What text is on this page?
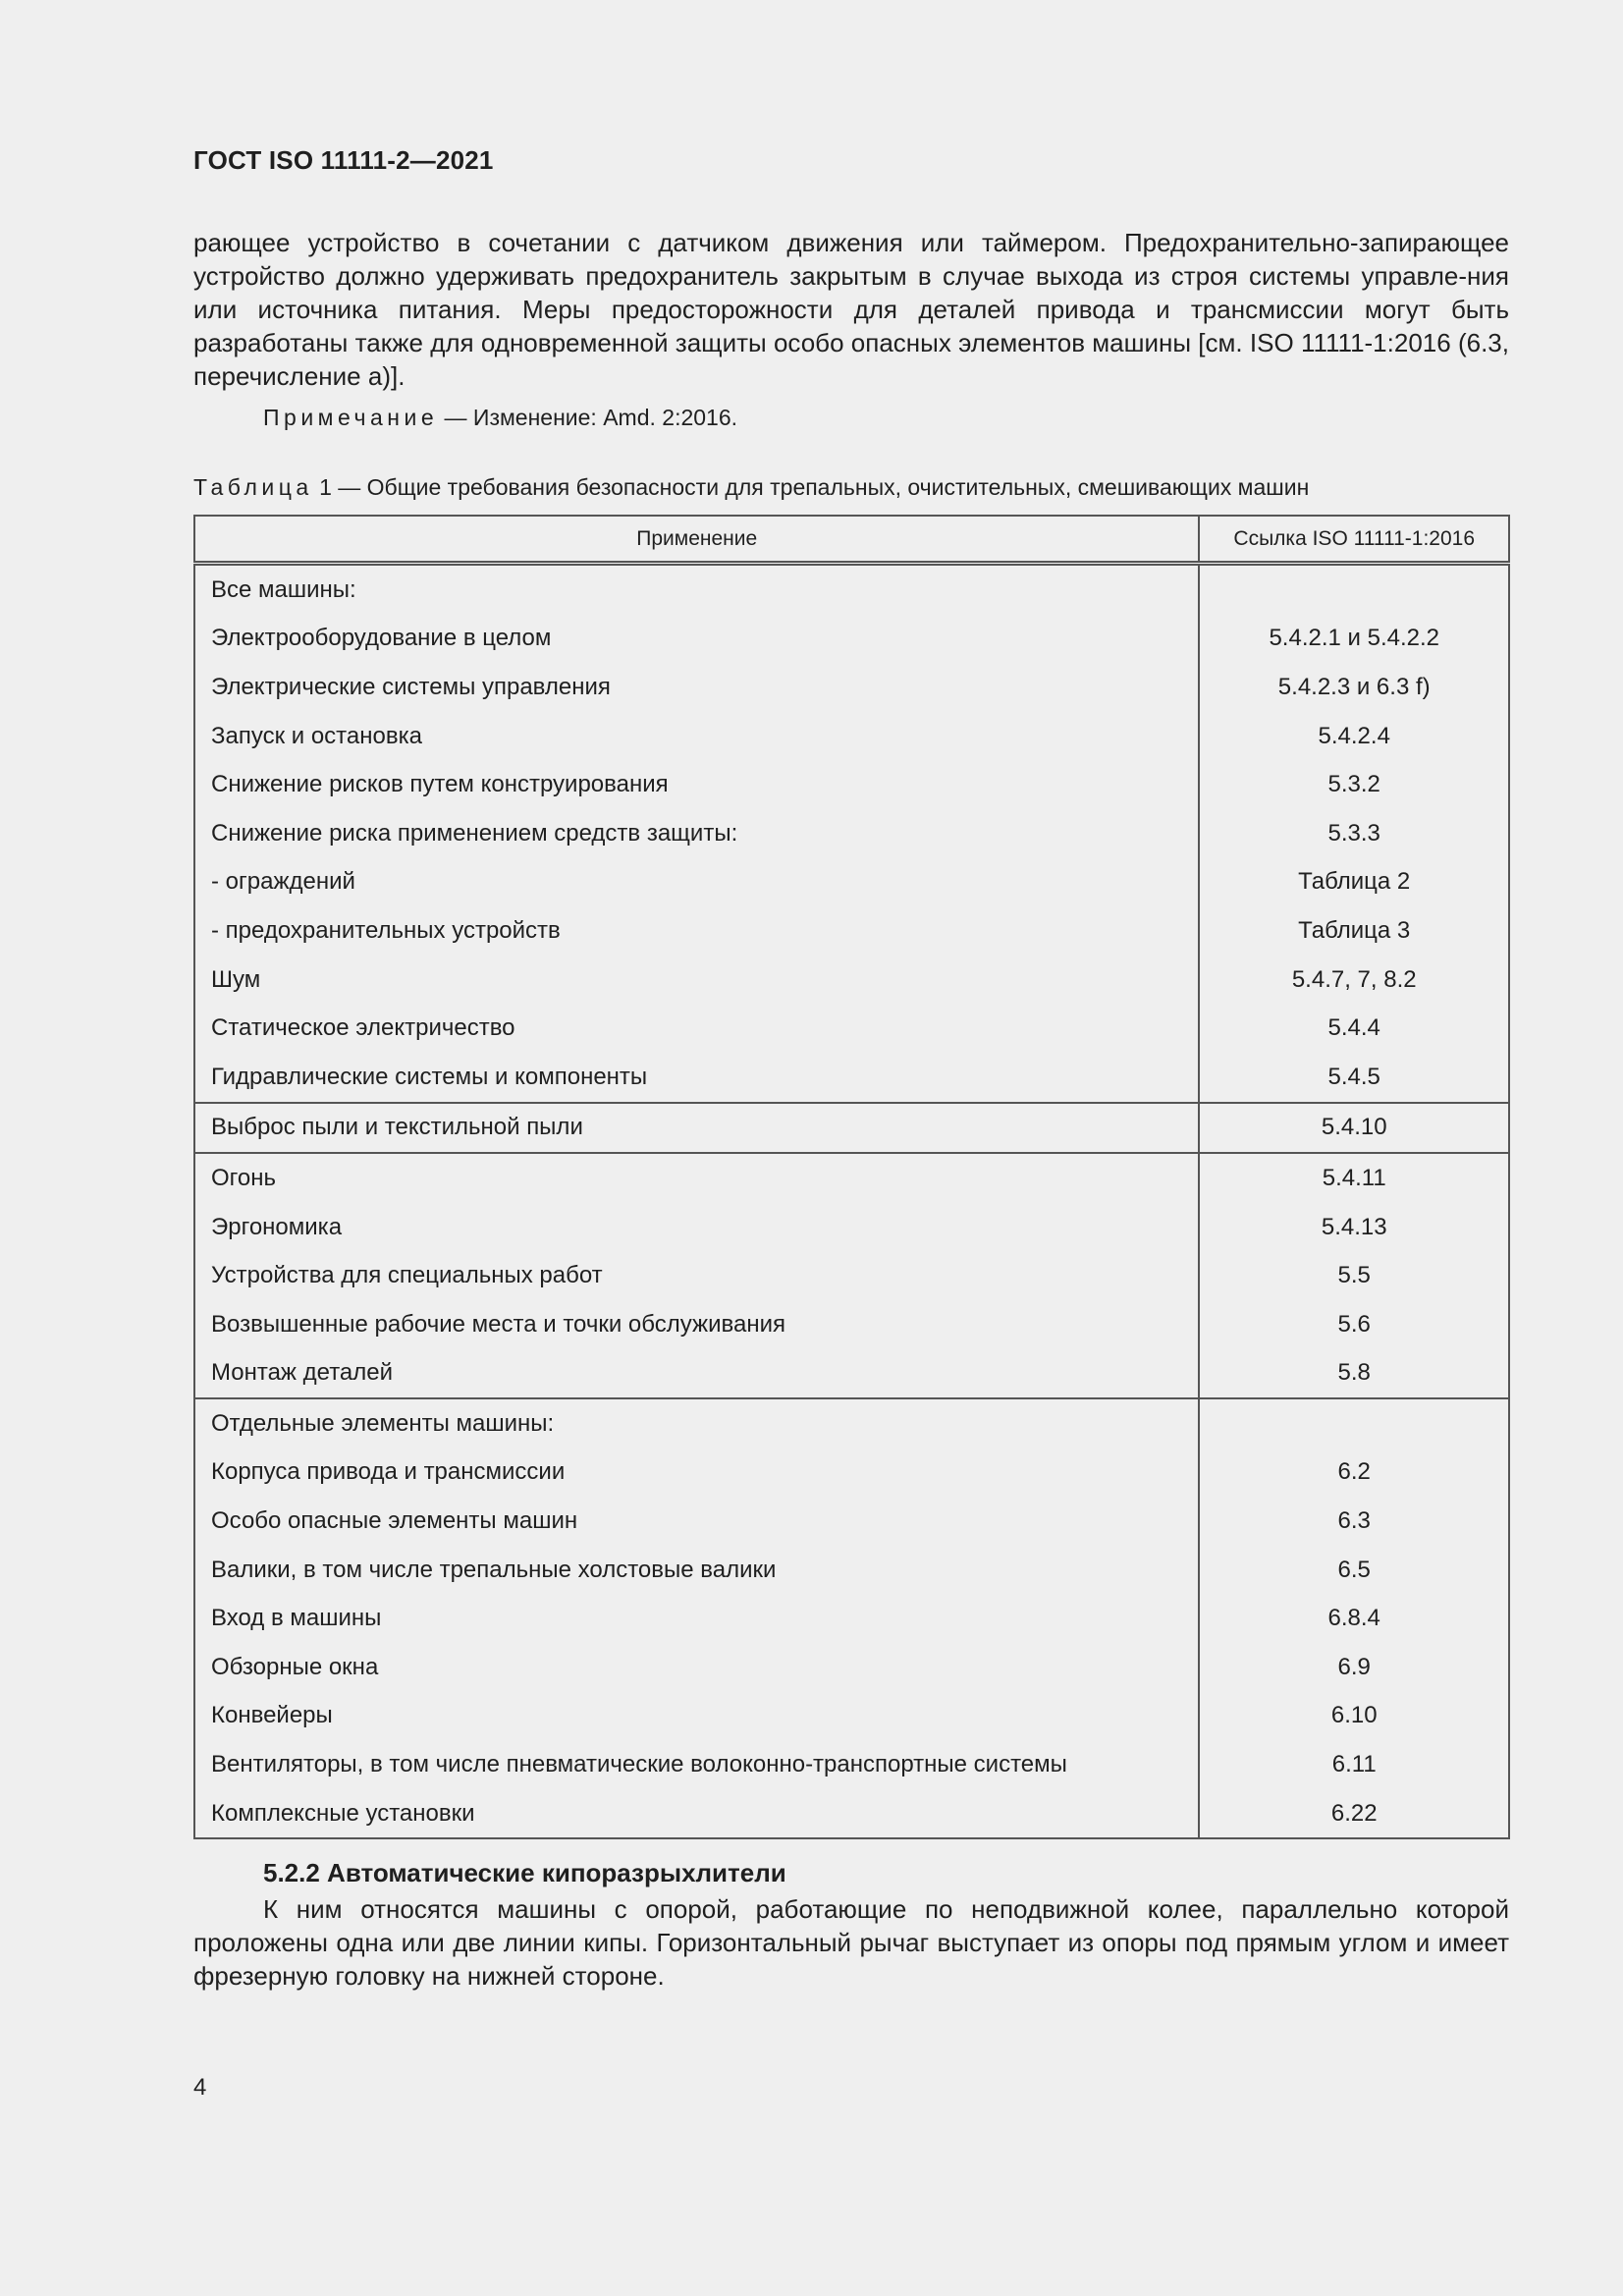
ГОСТ ISO 11111-2—2021
рающее устройство в сочетании с датчиком движения или таймером. Предохранительно-запирающее устройство должно удерживать предохранитель закрытым в случае выхода из строя системы управле-ния или источника питания. Меры предосторожности для деталей привода и трансмиссии могут быть разработаны также для одновременной защиты особо опасных элементов машины [см. ISO 11111-1:2016 (6.3, перечисление а)].
Примечание — Изменение: Amd. 2:2016.
Таблица 1 — Общие требования безопасности для трепальных, очистительных, смешивающих машин
Применение	Ссылка ISO 11111-1:2016
Все машины:	
Электрооборудование в целом	5.4.2.1 и 5.4.2.2
Электрические системы управления	5.4.2.3 и 6.3 f)
Запуск и остановка	5.4.2.4
Снижение рисков путем конструирования	5.3.2
Снижение риска применением средств защиты:	5.3.3
- ограждений	Таблица 2
- предохранительных устройств	Таблица 3
Шум	5.4.7, 7, 8.2
Статическое электричество	5.4.4
Гидравлические системы и компоненты	5.4.5
Выброс пыли и текстильной пыли	5.4.10
Огонь	5.4.11
Эргономика	5.4.13
Устройства для специальных работ	5.5
Возвышенные рабочие места и точки обслуживания	5.6
Монтаж деталей	5.8
Отдельные элементы машины:	
Корпуса привода и трансмиссии	6.2
Особо опасные элементы машин	6.3
Валики, в том числе трепальные холстовые валики	6.5
Вход в машины	6.8.4
Обзорные окна	6.9
Конвейеры	6.10
Вентиляторы, в том числе пневматические волоконно-транспортные системы	6.11
Комплексные установки	6.22
5.2.2 Автоматические кипоразрыхлители
К ним относятся машины с опорой, работающие по неподвижной колее, параллельно которой проложены одна или две линии кипы. Горизонтальный рычаг выступает из опоры под прямым углом и имеет фрезерную головку на нижней стороне.
4
